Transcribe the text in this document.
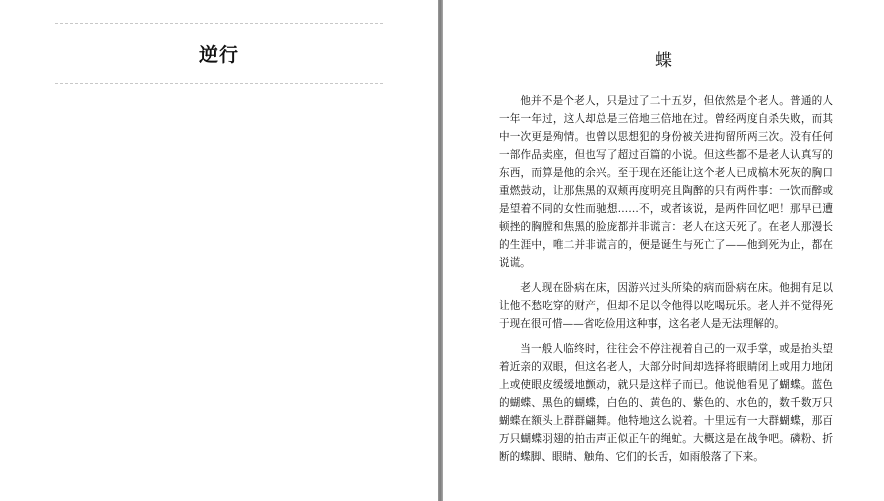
逆行	蝶

他并不是个老人，只是过了二十五岁，但依然是个老人。普通的人一年一年过，这人却总是三倍地三倍地在过。曾经两度自杀失败，而其中一次更是殉情。也曾以思想犯的身份被关进拘留所两三次。没有任何一部作品卖座，但也写了超过百篇的小说。但这些都不是老人认真写的东西，而算是他的余兴。至于现在还能让这个老人已成槁木死灰的胸口重燃鼓动，让那焦黑的双颊再度明亮且陶醉的只有两件事：一饮而醉或是望着不同的女性而驰想……不，或者该说，是两件回忆吧！那早已遭顿挫的胸膛和焦黑的脸庞都并非谎言：老人在这天死了。在老人那漫长的生涯中，唯二并非谎言的，便是诞生与死亡了——他到死为止，都在说谎。

老人现在卧病在床，因游兴过头所染的病而卧病在床。他拥有足以让他不愁吃穿的财产，但却不足以令他得以吃喝玩乐。老人并不觉得死于现在很可惜——省吃俭用这种事，这名老人是无法理解的。

当一般人临终时，往往会不停注视着自己的一双手掌，或是抬头望着近亲的双眼，但这名老人，大部分时间却选择将眼睛闭上或用力地闭上或使眼皮缓缓地颤动，就只是这样子而已。他说他看见了蝴蝶。蓝色的蝴蝶、黑色的蝴蝶，白色的、黄色的、紫色的、水色的，数千数万只蝴蝶在额头上群群翩舞。他特地这么说着。十里远有一大群蝴蝶，那百万只蝴蝶羽翅的拍击声正似正午的绳虻。大概这是在战争吧。磷粉、折断的蝶脚、眼睛、触角、它们的长舌，如雨般落了下来。
